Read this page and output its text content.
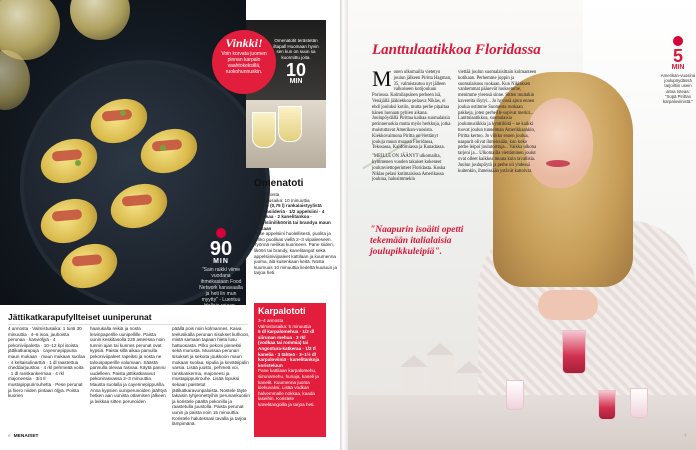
90
MIN
"Sain raikkí viime vuodana ihmekasiaan Food Network kanavaalla ja heti lin mun myytty" - Luentuu
Omenatotit terästetän iltapall Huomaan hyvin sen kun on suun sa kuormittu joita.
10
MIN
Vinkki!
Voin korvata juomen pinnan karpalo vaahtokeksillä, ruokohunnuskin.
Omenatoti
4–5 annosta
Valmistusaika: 10 minuuttia
1 pullo (0,75 l) rankalaistyylistä omenasiideriä · 1/2 appelsiini · 4 neilikkaa · 2 kanelitankoa · appelsiinilikööriä tai brandya maun mukaan
Pese appelsiini huolellisesti, puolita ja lohko puolikas viellä 2–3 viipaleeseen. Työnnä neilikat kuorineen. Pane siideri, likööri tai brandy, kanelitangot sekä appelsiiniviipaleet kattilaan ja kuumenna juoma, älä kuitenkaan keitä. Nosta kuumuus 10 minuuttia liedeltä kuuluun ja tarjoa heti.
Karpalototi
3–4 annosta
Valmistusaika: 5 minuuttia
5 dl karpalomehua · 1/2 dl siirunan mehua · 3 rkl (vodkaa tai rommia) tai Angostura-katkeraa · 1/2 tl kanelia · 3 tähteä · 3–1½ dl karpaloviiniä · kanelitankoja koristeluun
Pane kattilaan karpalomehu, siirunamehu, hunaja, kaneli ja kanelit. Kuumenna juoma kiehuvaksi. Lisää vodkan halvemmalle nokkaa, kaada laseihin. Koristele kanelitangoilla ja tarjoa heti.
Jättikatkarapufyllteiset uuniperunat
4 annosta · Valmistusaika: 1 tunti 30 minuuttia · 4–6 isoa, jauhoista perunaa · kasviöljyä · 4 pekoniviipaletta · 10–12 kpl isoista jättikatkarapuja · cayennepippuria maun mukaan · maun mukaan suolaa · 4 keltaisulinarttiä · 1 dl raastettua cheddarjuustoa · 4 rkl pehmeää voita · 1 dl ranskankermaa · 4 rkl majoneesia · 3/4 tl mustapippurirouhetta · Pese perunat ja hiero niiden pintaan öljyä. Poista kuorien
haarukalla reikiä ja nosta leivinpaperille uunipellille. Paista uunin keskitasolla 225 asteessa noin tunnin ajan tai kunnes perunat ovat kypsiä. Paista sillä aikaa pamulla pekoniviipaleet rapeiksi ja nosta ne talouspaperille valumaan. Säästä pannulla olevaa rasvaa. Käytä pannu uudelleen. Paista jättikatkaravut pekonirasvassa 2–3 minuuttia. Mausta suolalla ja cayennepippurilla. Anna kypsien uuniperunoiden jäähtyä hetken aan uunista ottamisen jälkeen ja leikkaa sitten perunoiden
päällä pois noin kolmannes. Kaiva teelusikalla perunan sisukset kulhoon, mistä samaan tapaan hieta lusu hattuosasta. Pilko pekoni pieneksi sekä murusta. Muussaa perunan sisukset ja sekoita joukkoon maun mukaan suolaa, sipulia ja kevätsipulin varsia. Lisää juusto, pehmeä voi, ranskankerma, majoneesi ja mustapippurirouhe. Lisää lopuksi sekaan paistetut jättikatkaravunpaloista. Nostele täyte takaisin tyhjennettyihin perunankuoriin ja koristele päältä pekonilla ja raastetulla juustolla. Paista perunat uunin ja paista noin 15 minuuttia. Koristele halutessasi tavalla ja tarjoa lämpimänä.
6 MENAISET
Lanttulaatikkoa Floridassa
Monen ulkomailla vietetyn joulun jälkeen Piritta Hagman, 35, valmistautuu nyt jälleen valkoiseen kotijouluun Poriossa. Kolmilapsinen perheen isä, Venäjällä jääkiekkoa pelaava Niklas, ei ehdi jouluksi kotiin, mutta perhe pipaltaa hänen luonaan pyhien aikana. Joulupöydällä Pirittaa kaihaa suomalaisia perinneruokia mutta myös herkkuja, jotka muistuttavat Amerikan-vuosista. Kiekkovaimona Piritta on viettänyt jouluja muun muassa Floridassa, Tekssassa, Kaliforniassa ja Kanadassa.
"MEILLE ON JÄÄNYT ulkomailta, kymmenen vuoden takaiset kokeneet joulunviettoperinteet Floridasta. Koska Niklas pelasi kotimaisissa Amerikassa jouluna, halusimmekin
viettää joulun suomalaisittain kolmanteen kotikaan. Perhemme joppin ja suomalaisuus ruokaan. Kun Niklaksen vanhemmat pääsevät luoksemme, menimme yleensä sinne. Sitten muitakin kavereita löytyi... Jo hyvissä ajoin ennen joulua ostimme Suomesta ruokaan pakkeja, joten perheille sopivat merkit... Lanttulaatikkoa, suomalaisia joulumusiikkia ja kynttilöitä – ne kaikki tuovat joulun tunnelman Amerikkaankin, Piritta kertoo. Jo viikko ennen joulua, naapurit olivat ihmeissään, kun koko perhe leipoi joulutorttuja... Vaikka ulkona tarjeni ja... Ulkomailla viettäminen joulut ovat olleet kaikkea muuta kuin tavallisia. Joulun joulupöytä ja perhe oli yhdessä kuitenkin, ihmeissään ystävät kattoivat.
"Naapurin isoäiti opetti tekemään italialaisia joulupikkuleipiä".
5
MIN
Amerikan-vuosina joulupöydässä tarjoiltiin usein aitoa toteaa: "Sopä Pirittan karpaloviinistä."
7
